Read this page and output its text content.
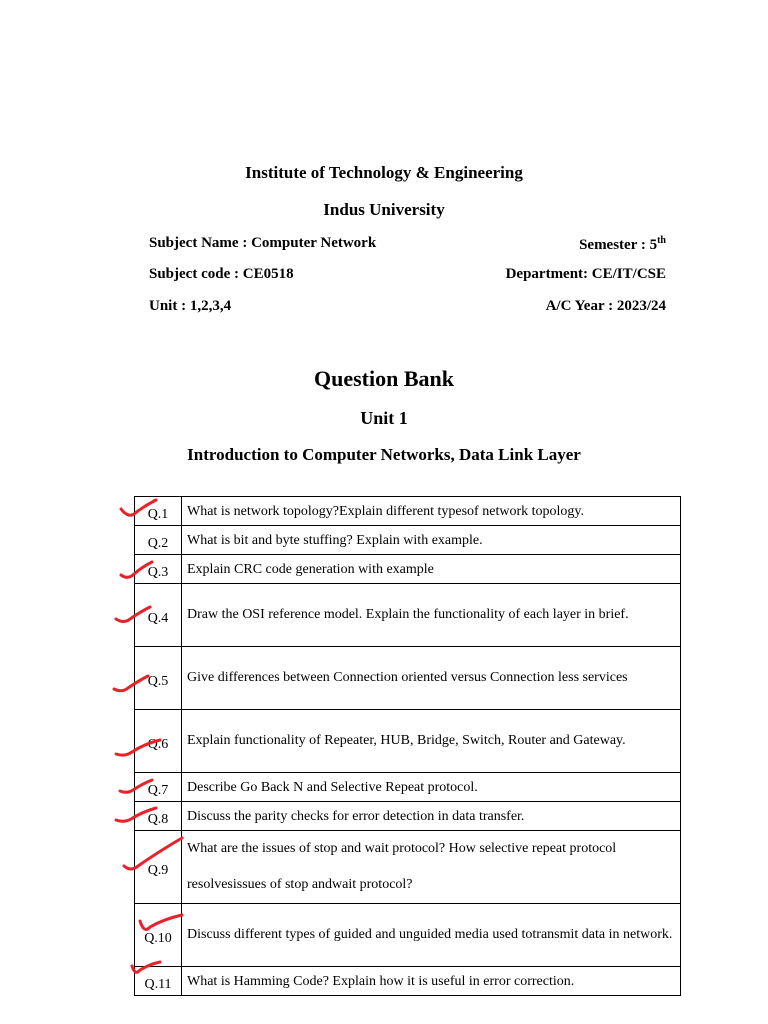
Institute of Technology & Engineering
Indus University
Subject Name : Computer Network	Semester : 5th
Subject code : CE0518	Department: CE/IT/CSE
Unit : 1,2,3,4	A/C Year : 2023/24
Question Bank
Unit 1
Introduction to Computer Networks, Data Link Layer
Q.1	What is network topology?Explain different typesof network topology.
Q.2	What is bit and byte stuffing? Explain with example.
Q.3	Explain CRC code generation with example
Q.4	Draw the OSI reference model. Explain the functionality of each layer in brief.
Q.5	Give differences between Connection oriented versus Connection less services
Q.6	Explain functionality of Repeater, HUB, Bridge, Switch, Router and Gateway.
Q.7	Describe Go Back N and Selective Repeat protocol.
Q.8	Discuss the parity checks for error detection in data transfer.
Q.9	What are the issues of stop and wait protocol? How selective repeat protocol resolvesissues of stop andwait protocol?
Q.10	Discuss different types of guided and unguided media used totransmit data in network.
Q.11	What is Hamming Code? Explain how it is useful in error correction.
